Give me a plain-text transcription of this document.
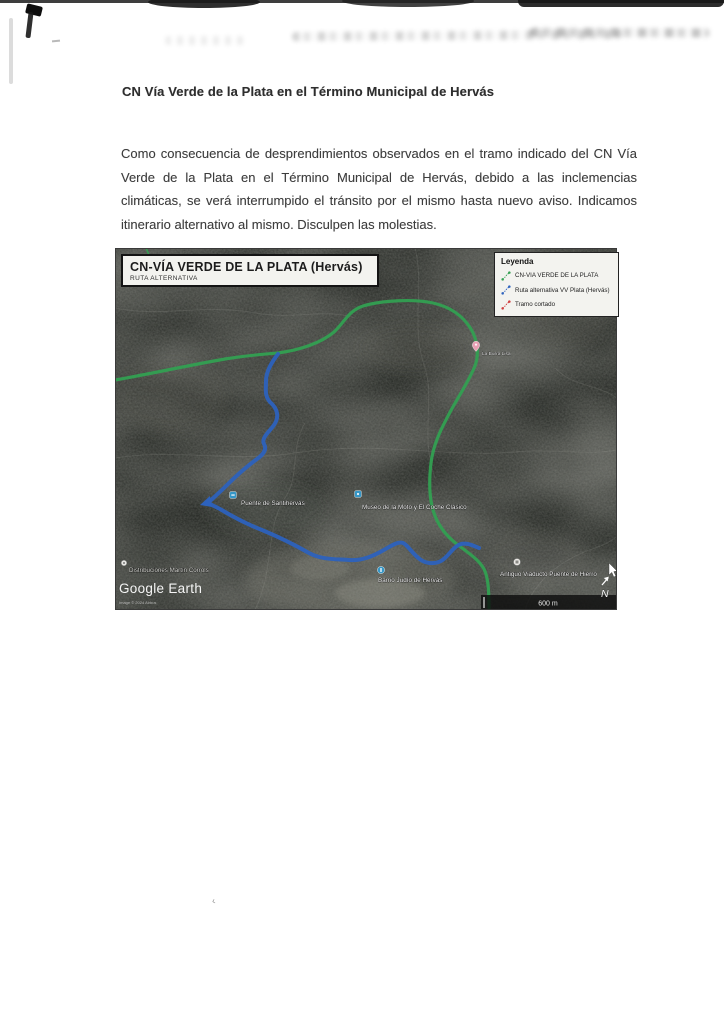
‹
CN Vía Verde de la Plata en el Término Municipal de Hervás
Como consecuencia de desprendimientos observados en el tramo indicado del CN Vía Verde de la Plata en el Término Municipal de Hervás, debido a las inclemencias climáticas, se verá interrumpido el tránsito por el mismo hasta nuevo aviso. Indicamos itinerario alternativo al mismo. Disculpen las molestias.
Puente de Santihervás
Museo de la Moto y El Coche Clásico
Barrio Judío de Hervás
Distribuciones Martín Corrols
Antiguo Viaducto Puente de Hierro
La Burra Lisa
600 m
N
Google Earth
Image © 2024 Airbus
CN-VÍA VERDE DE LA PLATA (Hervás)
RUTA ALTERNATIVA
Leyenda
CN-VIA VERDE DE LA PLATA
Ruta alternativa VV Plata (Hervás)
Tramo cortado
